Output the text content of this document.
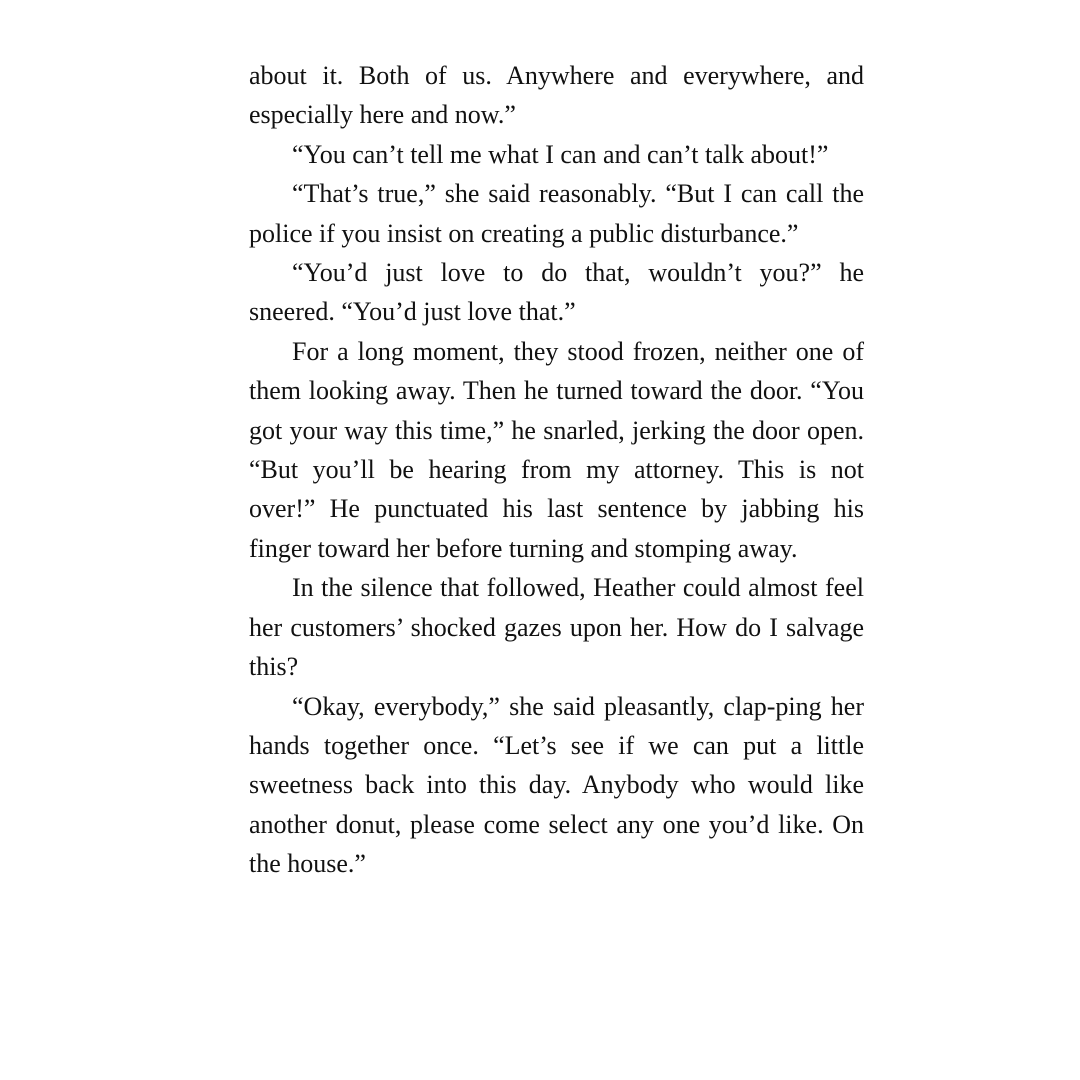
about it. Both of us. Anywhere and everywhere, and especially here and now.”

“You can’t tell me what I can and can’t talk about!”

“That’s true,” she said reasonably. “But I can call the police if you insist on creating a public disturbance.”

“You’d just love to do that, wouldn’t you?” he sneered. “You’d just love that.”

For a long moment, they stood frozen, neither one of them looking away. Then he turned toward the door. “You got your way this time,” he snarled, jerking the door open. “But you’ll be hearing from my attorney. This is not over!” He punctuated his last sentence by jabbing his finger toward her before turning and stomping away.

In the silence that followed, Heather could almost feel her customers’ shocked gazes upon her. How do I salvage this?

“Okay, everybody,” she said pleasantly, clap-ping her hands together once. “Let’s see if we can put a little sweetness back into this day. Anybody who would like another donut, please come select any one you’d like. On the house.”
